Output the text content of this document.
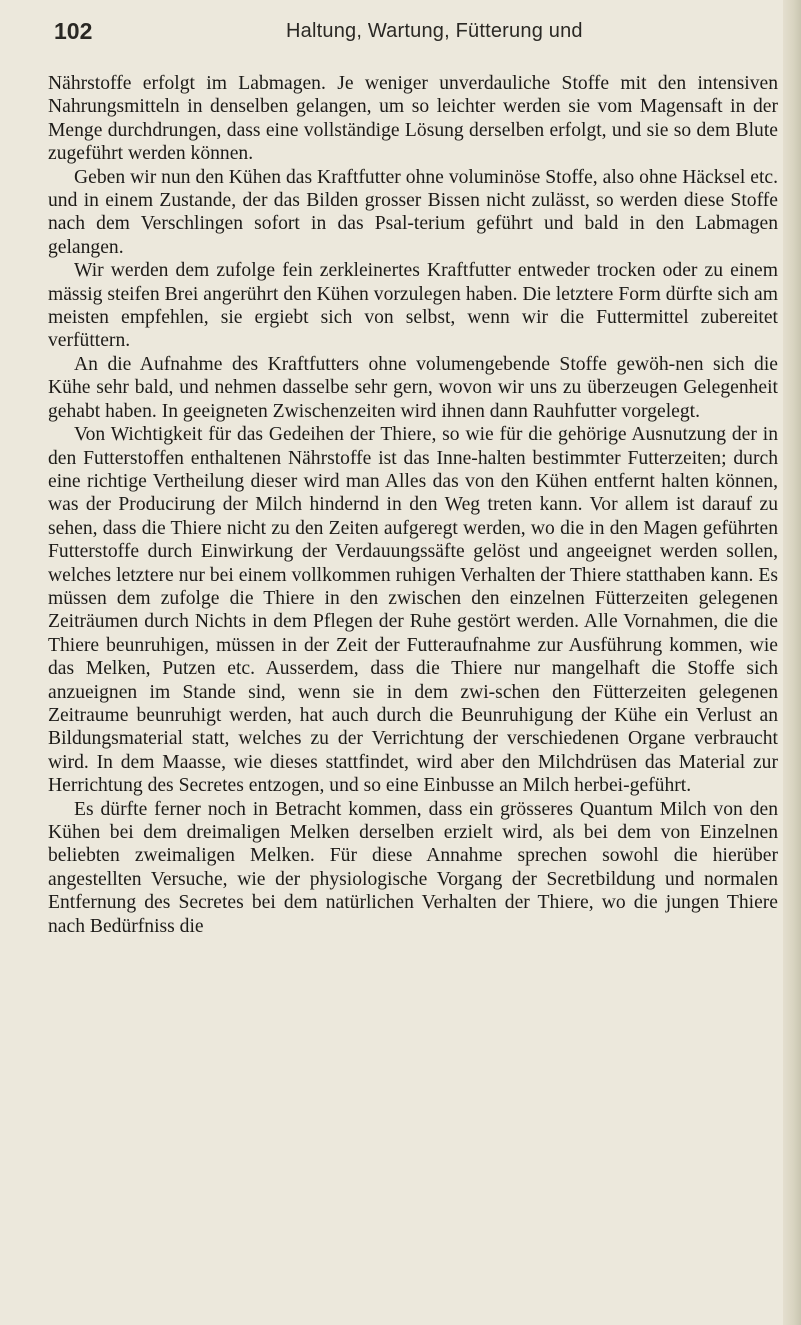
102	Haltung, Wartung, Fütterung und

Nährstoffe erfolgt im Labmagen. Je weniger unverdauliche Stoffe mit den intensiven Nahrungsmitteln in denselben gelangen, um so leichter werden sie vom Magensaft in der Menge durchdrungen, dass eine vollständige Lösung derselben erfolgt, und sie so dem Blute zugeführt werden können.

Geben wir nun den Kühen das Kraftfutter ohne voluminöse Stoffe, also ohne Häcksel etc. und in einem Zustande, der das Bilden grosser Bissen nicht zulässt, so werden diese Stoffe nach dem Verschlingen sofort in das Psal-terium geführt und bald in den Labmagen gelangen.

Wir werden dem zufolge fein zerkleinertes Kraftfutter entweder trocken oder zu einem mässig steifen Brei angerührt den Kühen vorzulegen haben. Die letztere Form dürfte sich am meisten empfehlen, sie ergiebt sich von selbst, wenn wir die Futtermittel zubereitet verfüttern.

An die Aufnahme des Kraftfutters ohne volumengebende Stoffe gewöh-nen sich die Kühe sehr bald, und nehmen dasselbe sehr gern, wovon wir uns zu überzeugen Gelegenheit gehabt haben. In geeigneten Zwischenzeiten wird ihnen dann Rauhfutter vorgelegt.

Von Wichtigkeit für das Gedeihen der Thiere, so wie für die gehörige Ausnutzung der in den Futterstoffen enthaltenen Nährstoffe ist das Inne-halten bestimmter Futterzeiten; durch eine richtige Vertheilung dieser wird man Alles das von den Kühen entfernt halten können, was der Producirung der Milch hindernd in den Weg treten kann. Vor allem ist darauf zu sehen, dass die Thiere nicht zu den Zeiten aufgeregt werden, wo die in den Magen geführten Futterstoffe durch Einwirkung der Verdauungssäfte gelöst und angeeignet werden sollen, welches letztere nur bei einem vollkommen ruhigen Verhalten der Thiere statthaben kann. Es müssen dem zufolge die Thiere in den zwischen den einzelnen Fütterzeiten gelegenen Zeiträumen durch Nichts in dem Pflegen der Ruhe gestört werden. Alle Vornahmen, die die Thiere beunruhigen, müssen in der Zeit der Futteraufnahme zur Ausführung kommen, wie das Melken, Putzen etc. Ausserdem, dass die Thiere nur mangelhaft die Stoffe sich anzueignen im Stande sind, wenn sie in dem zwi-schen den Fütterzeiten gelegenen Zeitraume beunruhigt werden, hat auch durch die Beunruhigung der Kühe ein Verlust an Bildungsmaterial statt, welches zu der Verrichtung der verschiedenen Organe verbraucht wird. In dem Maasse, wie dieses stattfindet, wird aber den Milchdrüsen das Material zur Herrichtung des Secretes entzogen, und so eine Einbusse an Milch herbei-geführt.

Es dürfte ferner noch in Betracht kommen, dass ein grösseres Quantum Milch von den Kühen bei dem dreimaligen Melken derselben erzielt wird, als bei dem von Einzelnen beliebten zweimaligen Melken. Für diese Annahme sprechen sowohl die hierüber angestellten Versuche, wie der physiologische Vorgang der Secretbildung und normalen Entfernung des Secretes bei dem natürlichen Verhalten der Thiere, wo die jungen Thiere nach Bedürfniss die
